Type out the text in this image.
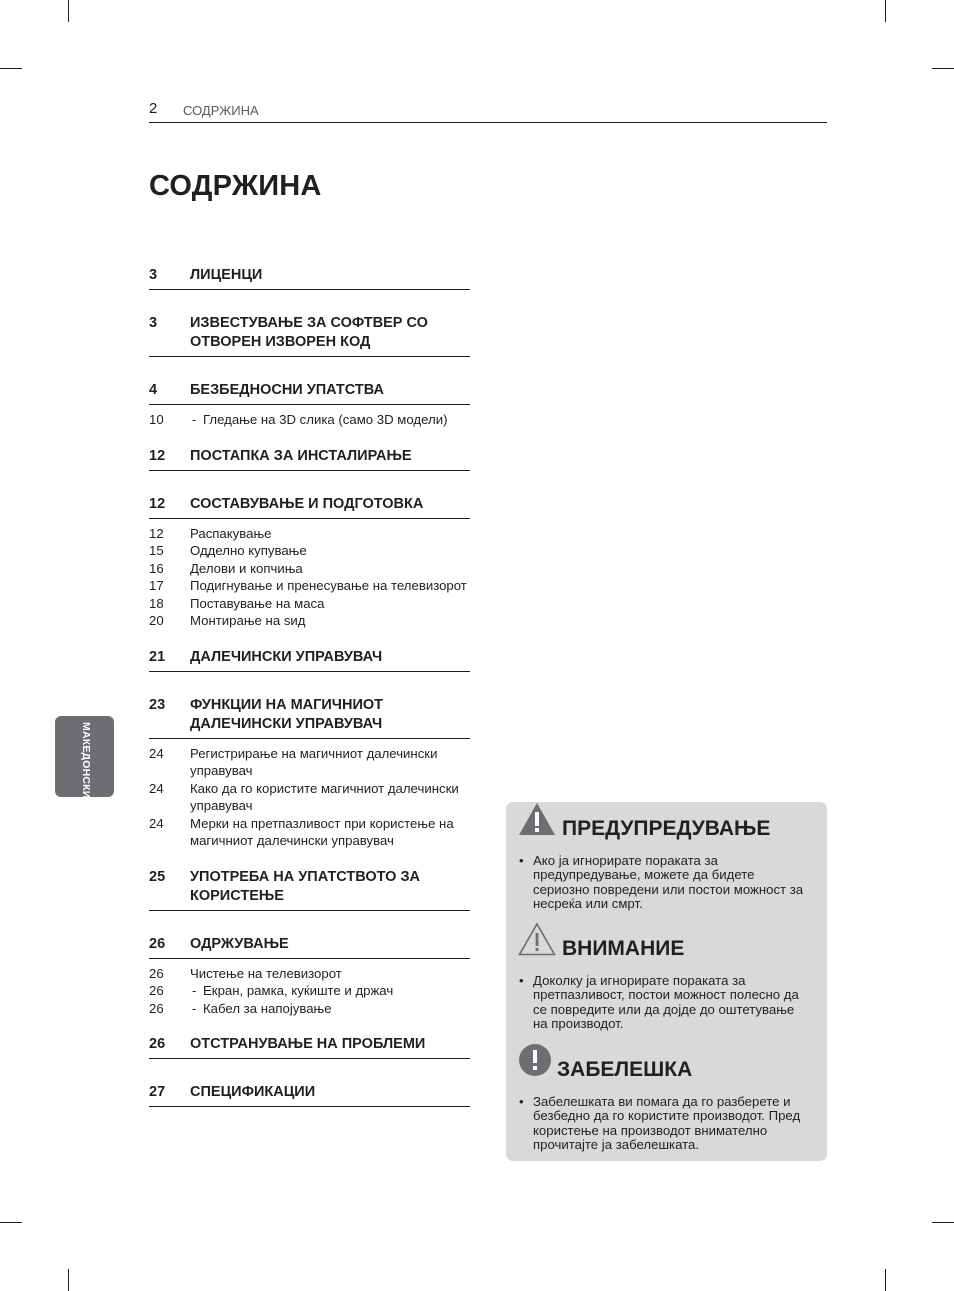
2 СОДРЖИНА
СОДРЖИНА
3 ЛИЦЕНЦИ
3 ИЗВЕСТУВАЊЕ ЗА СОФТВЕР СО ОТВОРЕН ИЗВОРЕН КОД
4 БЕЗБЕДНОСНИ УПАТСТВА
10 - Гледање на 3D слика (само 3D модели)
12 ПОСТАПКА ЗА ИНСТАЛИРАЊЕ
12 СОСТАВУВАЊЕ И ПОДГОТОВКА
12 Распакување
15 Одделно купување
16 Делови и копчиња
17 Подигнување и пренесување на телевизорот
18 Поставување на маса
20 Монтирање на ѕид
21 ДАЛЕЧИНСКИ УПРАВУВАЧ
23 ФУНКЦИИ НА МАГИЧНИОТ ДАЛЕЧИНСКИ УПРАВУВАЧ
24 Регистрирање на магичниот далечински управувач
24 Како да го користите магичниот далечински управувач
24 Мерки на претпазливост при користење на магичниот далечински управувач
25 УПОТРЕБА НА УПАТСТВОТО ЗА КОРИСТЕЊЕ
26 ОДРЖУВАЊЕ
26 Чистење на телевизорот
26 - Екран, рамка, куќиште и држач
26 - Кабел за напојување
26 ОТСТРАНУВАЊЕ НА ПРОБЛЕМИ
27 СПЕЦИФИКАЦИИ
МАКЕДОНСКИ
ПРЕДУПРЕДУВАЊЕ
• Ако ја игнорирате пораката за предупредување, можете да бидете сериозно повредени или постои можност за несреќа или смрт.
ВНИМАНИЕ
• Доколку ја игнорирате пораката за претпазливост, постои можност полесно да се повредите или да дојде до оштетување на производот.
ЗАБЕЛЕШКА
• Забелешката ви помага да го разберете и безбедно да го користите производот. Пред користење на производот внимателно прочитајте ја забелешката.
